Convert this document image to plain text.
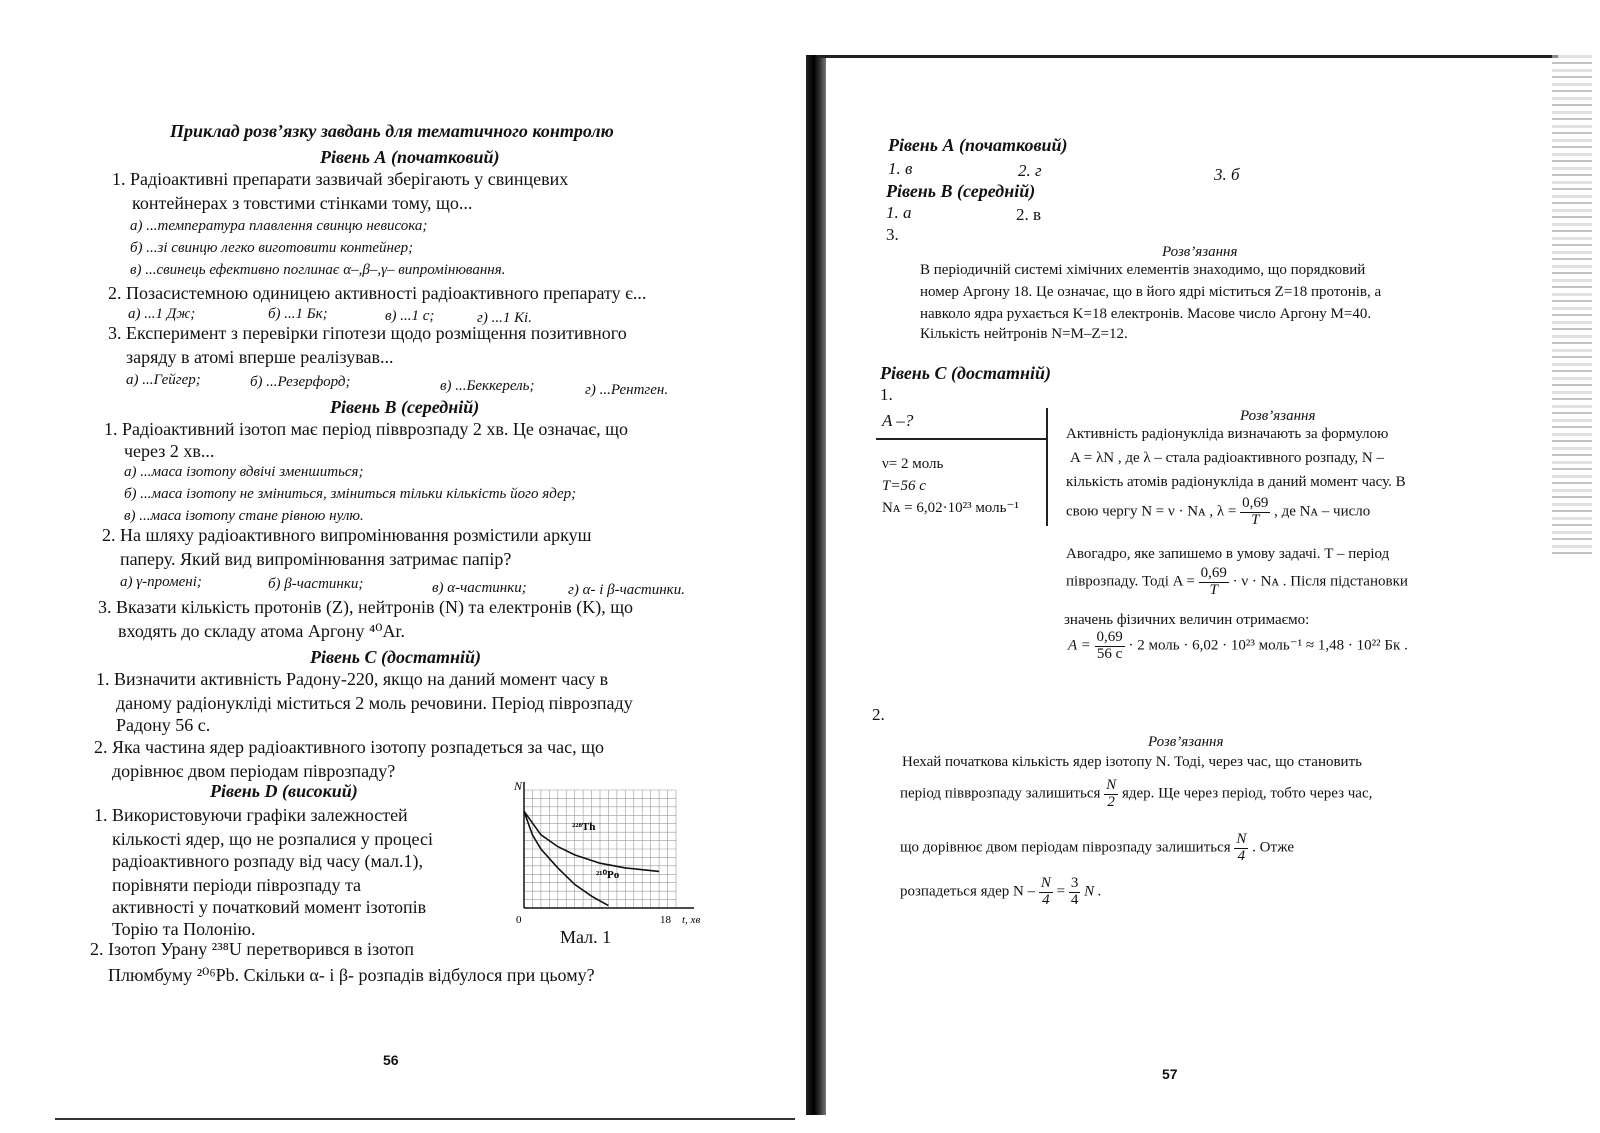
Приклад розв’язку завдань для тематичного контролю
Рівень А (початковий)
1. Радіоактивні препарати зазвичай зберігають у свинцевих
контейнерах з товстими стінками тому, що...
а) ...температура плавлення свинцю невисока;
б) ...зі свинцю легко виготовити контейнер;
в) ...свинець ефективно поглинає α–,β–,γ– випромінювання.
2. Позасистемною одиницею активності радіоактивного препарату є...
а) ...1 Дж;	б) ...1 Бк;	в) ...1 с;	г) ...1 Кі.
3. Експеримент з перевірки гіпотези щодо розміщення позитивного
заряду в атомі вперше реалізував...
а) ...Гейгер;	б) ...Резерфорд;	в) ...Беккерель;	г) ...Рентген.
Рівень В (середній)
1. Радіоактивний ізотоп має період півврозпаду 2 хв. Це означає, що
через 2 хв...
а) ...маса ізотопу вдвічі зменшиться;
б) ...маса ізотопу не зміниться, зміниться тільки кількість його ядер;
в) ...маса ізотопу стане рівною нулю.
2. На шляху радіоактивного випромінювання розмістили аркуш
паперу. Який вид випромінювання затримає папір?
а) γ-промені;	б) β-частинки;	в) α-частинки;	г) α- і β-частинки.
3. Вказати кількість протонів (Z), нейтронів (N) та електронів (K), що
входять до складу атома Аргону ⁴⁰Ar.
Рівень С (достатній)
1. Визначити активність Радону-220, якщо на даний момент часу в
даному радіонукліді міститься 2 моль речовини. Період піврозпаду
Радону 56 с.
2. Яка частина ядер радіоактивного ізотопу розпадеться за час, що
дорівнює двом періодам піврозпаду?
Рівень D (високий)
1. Використовуючи графіки залежностей
кількості ядер, що не розпалися у процесі
радіоактивного розпаду від часу (мал.1),
порівняти періоди піврозпаду та
активності у початковий момент ізотопів
Торію та Полонію.
2. Ізотоп Урану ²³⁸U перетворився в ізотоп
Плюмбуму ²⁰⁶Pb. Скільки α- і β- розпадів відбулося при цьому?
Мал. 1
56
N
t, хв
0	18
²²⁸Th
²¹⁰Po
Рівень А (початковий)
1. в	2. г	3. б
Рівень В (середній)
1. а	2. в
3.
Розв’язання
В періодичній системі хімічних елементів знаходимо, що порядковий
номер Аргону 18. Це означає, що в його ядрі міститься Z=18 протонів, а
навколо ядра рухається K=18 електронів. Масове число Аргону M=40.
Кількість нейтронів N=M–Z=12.
Рівень С (достатній)
1.
A –?
ν= 2 моль
T=56 с
Nᴀ = 6,02·10²³ моль⁻¹
Розв’язання
Активність радіонукліда визначають за формулою
A = λN , де λ – стала радіоактивного розпаду, N –
кількість атомів радіонукліда в даний момент часу. В
свою чергу N = ν · Nᴀ , $\lambda = \frac{0,69}{T}$ , де Nᴀ – число
Авогадро, яке запишемо в умову задачі. T – період
піврозпаду. Тоді $A = \frac{0,69}{T} \cdot \nu$ · Nᴀ . Після підстановки
значень фізичних величин отримаємо:
$A = \frac{0,69}{56 с} \cdot 2$ моль · 6,02 · 10²³ моль⁻¹ ≈ 1,48 · 10²² Бк .
2.
Розв’язання
Нехай початкова кількість ядер ізотопу N. Тоді, через час, що становить
період півврозпаду залишиться $\frac{N}{2}$ ядер. Ще через період, тобто через час,
що дорівнює двом періодам піврозпаду залишиться $\frac{N}{4}$ . Отже
розпадеться ядер $N - \frac{N}{4} = \frac{3}{4}$ N .
57
